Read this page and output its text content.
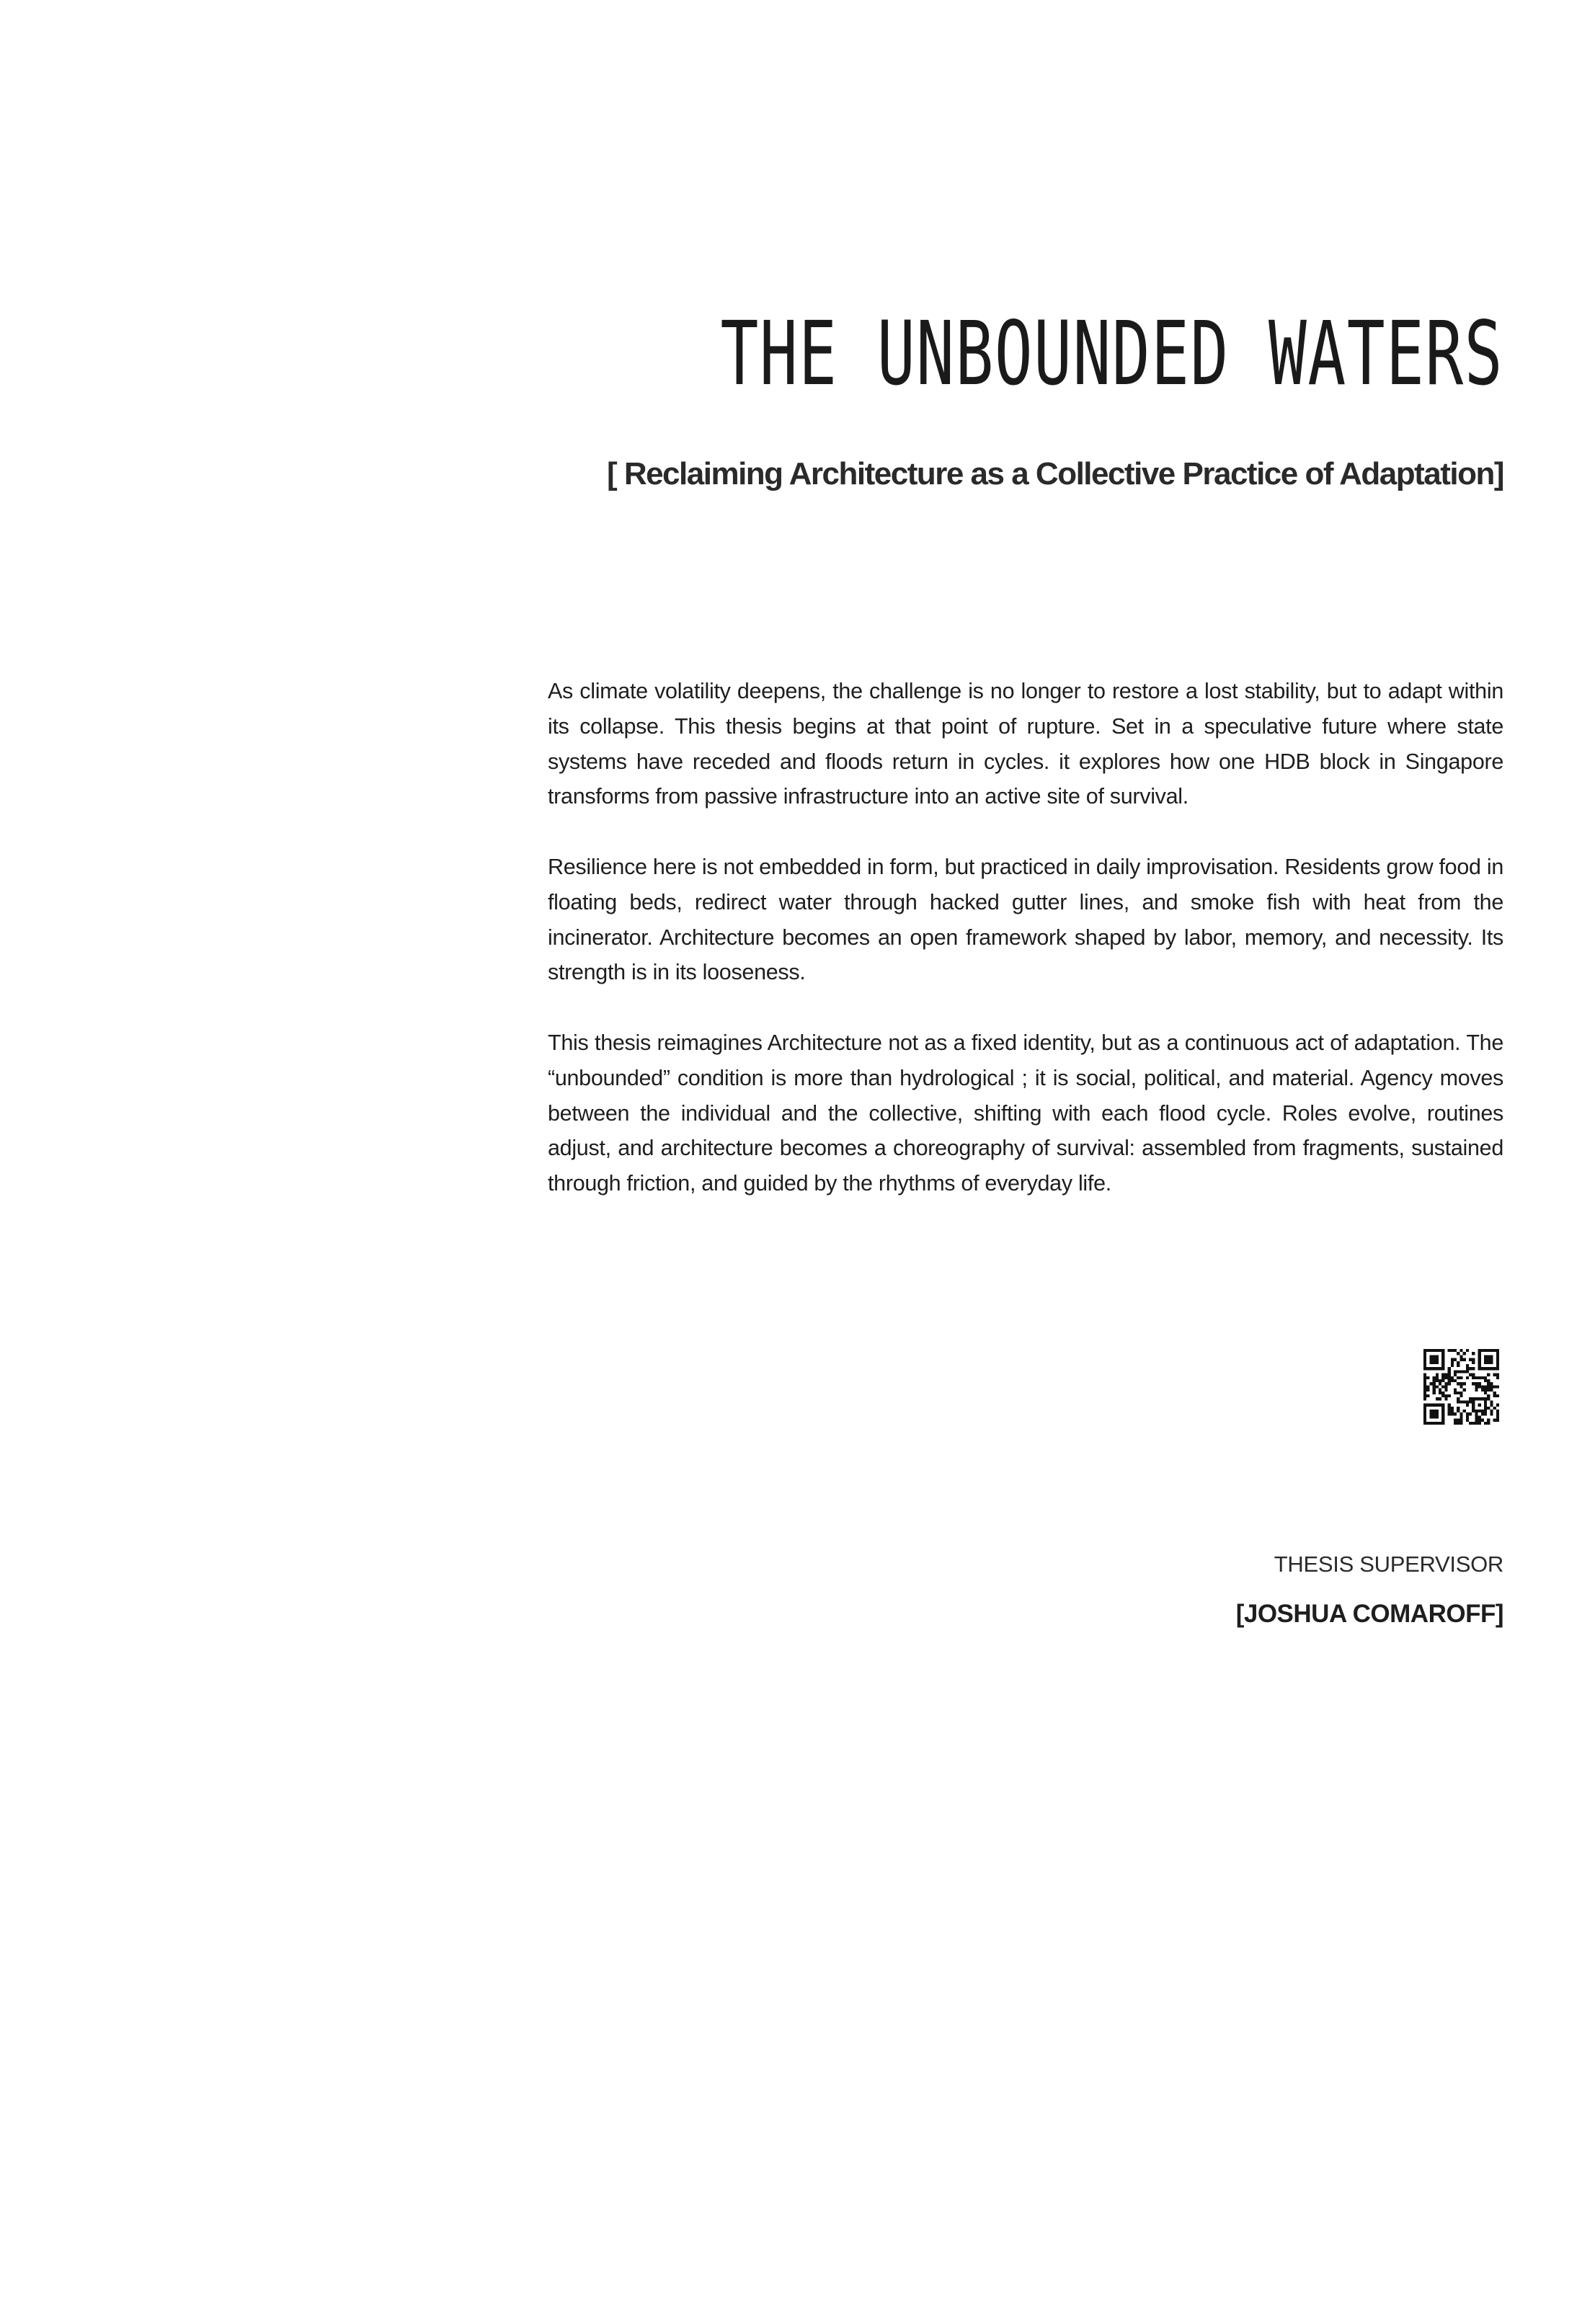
THE UNBOUNDED WATERS
[ Reclaiming Architecture as a Collective Practice of Adaptation]

As climate volatility deepens, the challenge is no longer to restore a lost stability, but to adapt within its collapse. This thesis begins at that point of rupture. Set in a speculative future where state systems have receded and floods return in cycles. it explores how one HDB block in Singapore transforms from passive infrastructure into an active site of survival.

Resilience here is not embedded in form, but practiced in daily improvisation. Residents grow food in floating beds, redirect water through hacked gutter lines, and smoke fish with heat from the incinerator. Architecture becomes an open framework shaped by labor, memory, and necessity. Its strength is in its looseness.

This thesis reimagines Architecture not as a fixed identity, but as a continuous act of adaptation. The “unbounded” condition is more than hydrological ; it is social, political, and material. Agency moves between the individual and the collective, shifting with each flood cycle. Roles evolve, routines adjust, and architecture becomes a choreography of survival: assembled from fragments, sustained through friction, and guided by the rhythms of everyday life.

THESIS SUPERVISOR
[JOSHUA COMAROFF]
